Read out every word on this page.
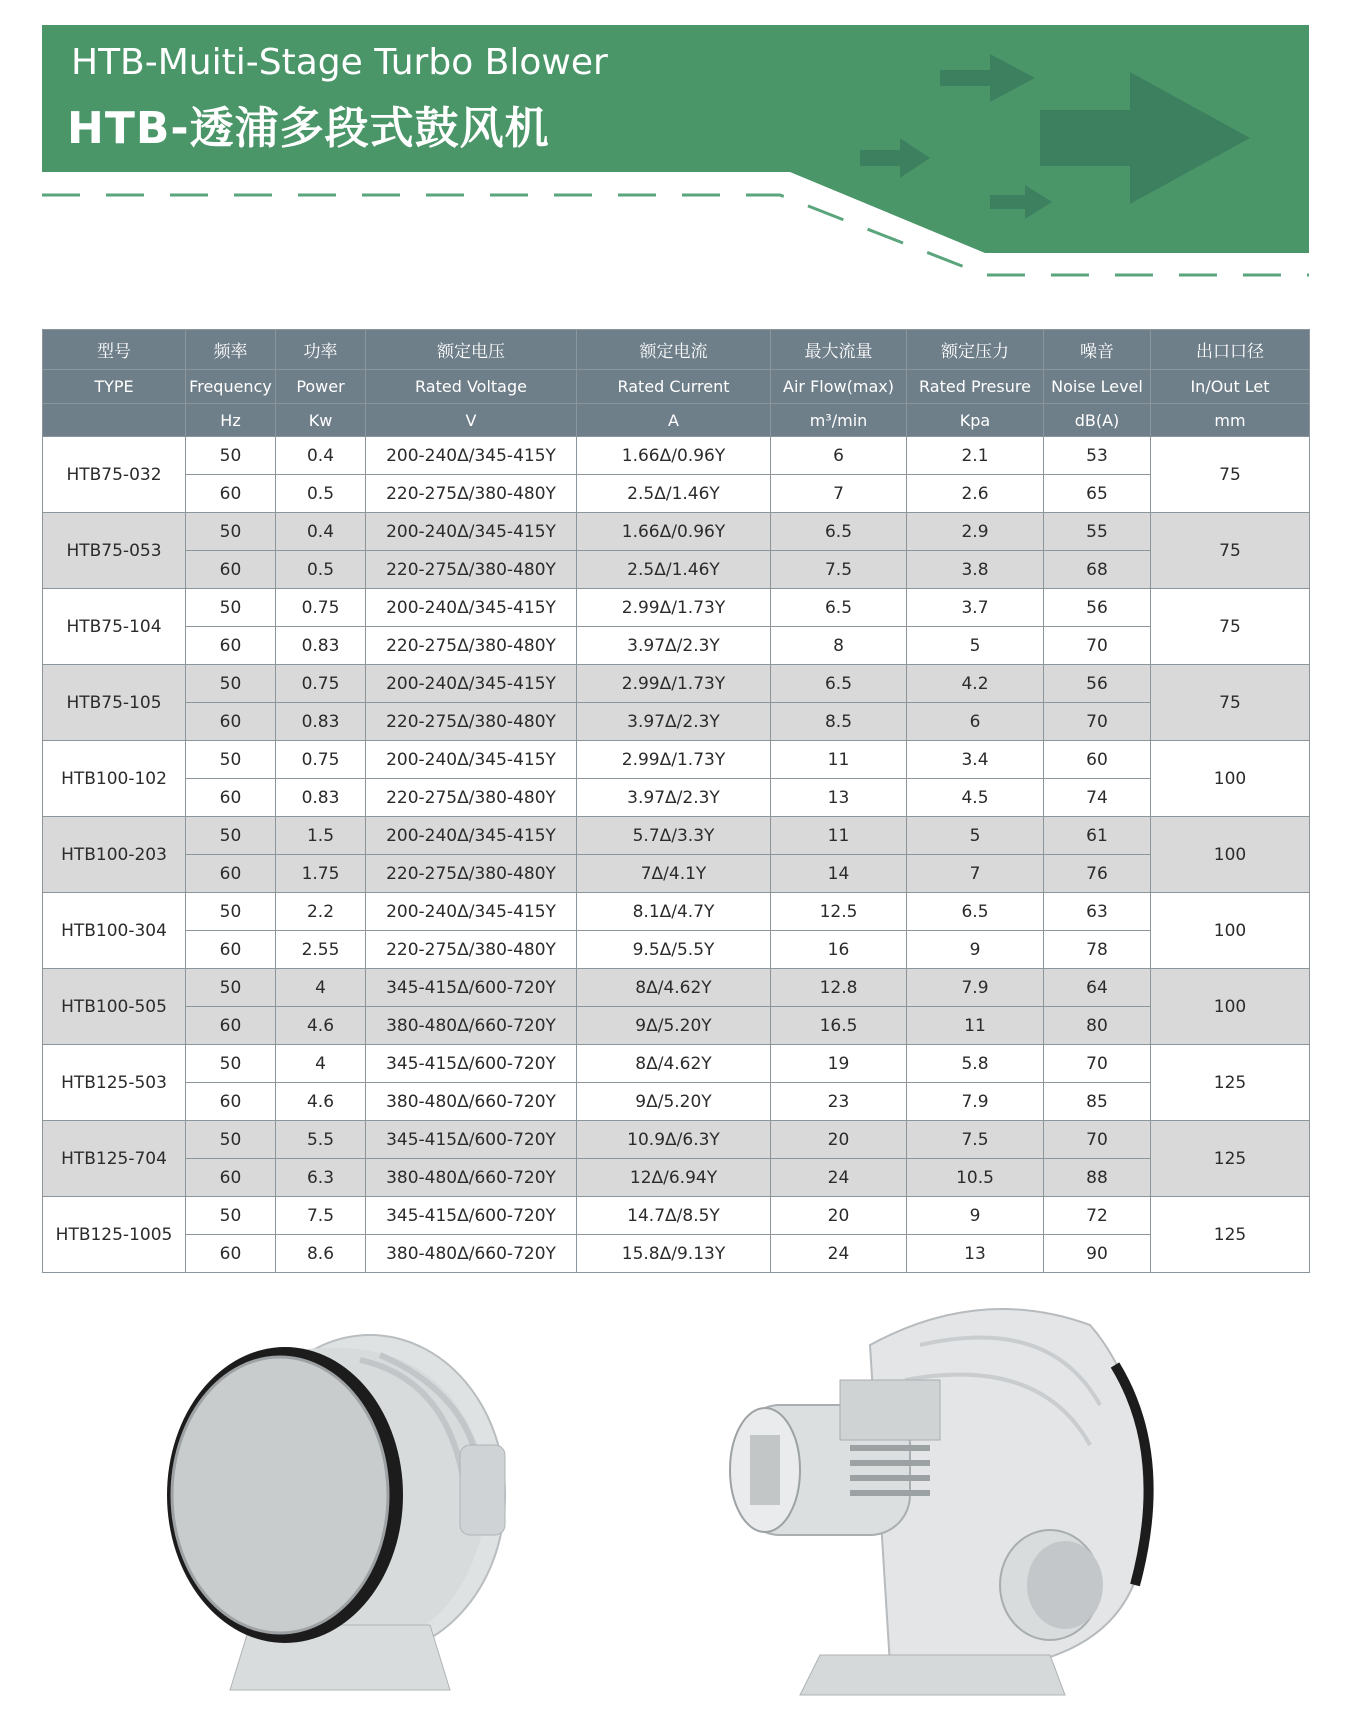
HTB-Muiti-Stage Turbo Blower
HTB-透浦多段式鼓风机
型号	频率	功率	额定电压	额定电流	最大流量	额定压力	噪音	出口口径
TYPE	Frequency	Power	Rated Voltage	Rated Current	Air Flow(max)	Rated Presure	Noise Level	In/Out Let
	Hz	Kw	V	A	m³/min	Kpa	dB(A)	mm
HTB75-032	50	0.4	200-240Δ/345-415Y	1.66Δ/0.96Y	6	2.1	53	75
	60	0.5	220-275Δ/380-480Y	2.5Δ/1.46Y	7	2.6	65	
HTB75-053	50	0.4	200-240Δ/345-415Y	1.66Δ/0.96Y	6.5	2.9	55	75
	60	0.5	220-275Δ/380-480Y	2.5Δ/1.46Y	7.5	3.8	68	
HTB75-104	50	0.75	200-240Δ/345-415Y	2.99Δ/1.73Y	6.5	3.7	56	75
	60	0.83	220-275Δ/380-480Y	3.97Δ/2.3Y	8	5	70	
HTB75-105	50	0.75	200-240Δ/345-415Y	2.99Δ/1.73Y	6.5	4.2	56	75
	60	0.83	220-275Δ/380-480Y	3.97Δ/2.3Y	8.5	6	70	
HTB100-102	50	0.75	200-240Δ/345-415Y	2.99Δ/1.73Y	11	3.4	60	100
	60	0.83	220-275Δ/380-480Y	3.97Δ/2.3Y	13	4.5	74	
HTB100-203	50	1.5	200-240Δ/345-415Y	5.7Δ/3.3Y	11	5	61	100
	60	1.75	220-275Δ/380-480Y	7Δ/4.1Y	14	7	76	
HTB100-304	50	2.2	200-240Δ/345-415Y	8.1Δ/4.7Y	12.5	6.5	63	100
	60	2.55	220-275Δ/380-480Y	9.5Δ/5.5Y	16	9	78	
HTB100-505	50	4	345-415Δ/600-720Y	8Δ/4.62Y	12.8	7.9	64	100
	60	4.6	380-480Δ/660-720Y	9Δ/5.20Y	16.5	11	80	
HTB125-503	50	4	345-415Δ/600-720Y	8Δ/4.62Y	19	5.8	70	125
	60	4.6	380-480Δ/660-720Y	9Δ/5.20Y	23	7.9	85	
HTB125-704	50	5.5	345-415Δ/600-720Y	10.9Δ/6.3Y	20	7.5	70	125
	60	6.3	380-480Δ/660-720Y	12Δ/6.94Y	24	10.5	88	
HTB125-1005	50	7.5	345-415Δ/600-720Y	14.7Δ/8.5Y	20	9	72	125
	60	8.6	380-480Δ/660-720Y	15.8Δ/9.13Y	24	13	90	
